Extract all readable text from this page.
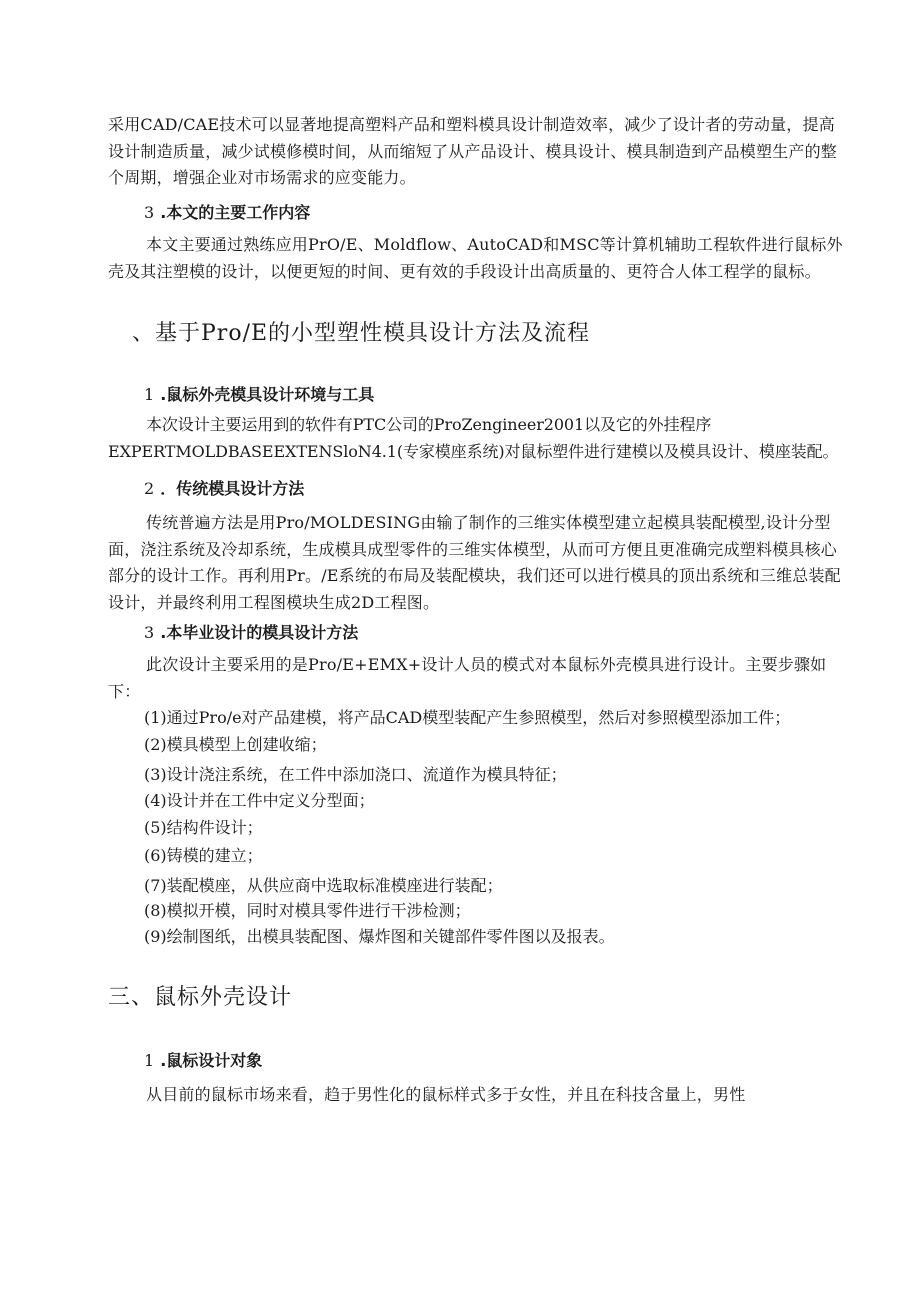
采用CAD/CAE技术可以显著地提高塑料产品和塑料模具设计制造效率，减少了设计者的劳动量，提高设计制造质量，减少试模修模时间，从而缩短了从产品设计、模具设计、模具制造到产品模塑生产的整个周期，增强企业对市场需求的应变能力。

3 .本文的主要工作内容

本文主要通过熟练应用PrO/E、Moldflow、AutoCAD和MSC等计算机辅助工程软件进行鼠标外壳及其注塑模的设计，以便更短的时间、更有效的手段设计出高质量的、更符合人体工程学的鼠标。

、基于Pro/E的小型塑性模具设计方法及流程

1 .鼠标外壳模具设计环境与工具

本次设计主要运用到的软件有PTC公司的ProZengineer2001以及它的外挂程序EXPERTMOLDBASEEXTENSloN4.1(专家模座系统)对鼠标塑件进行建模以及模具设计、模座装配。

2 ．传统模具设计方法

传统普遍方法是用Pro/MOLDESING由输了制作的三维实体模型建立起模具装配模型,设计分型面，浇注系统及冷却系统，生成模具成型零件的三维实体模型，从而可方便且更准确完成塑料模具核心部分的设计工作。再利用Pr。/E系统的布局及装配模块，我们还可以进行模具的顶出系统和三维总装配设计，并最终利用工程图模块生成2D工程图。

3 .本毕业设计的模具设计方法

此次设计主要采用的是Pro/E+EMX+设计人员的模式对本鼠标外壳模具进行设计。主要步骤如下：

(1)通过Pro/e对产品建模，将产品CAD模型装配产生参照模型，然后对参照模型添加工件；

(2)模具模型上创建收缩；

(3)设计浇注系统，在工件中添加浇口、流道作为模具特征；

(4)设计并在工件中定义分型面；

(5)结构件设计；

(6)铸模的建立；

(7)装配模座，从供应商中选取标准模座进行装配；

(8)模拟开模，同时对模具零件进行干涉检测；

(9)绘制图纸，出模具装配图、爆炸图和关键部件零件图以及报表。

三、鼠标外壳设计

1 .鼠标设计对象

从目前的鼠标市场来看，趋于男性化的鼠标样式多于女性，并且在科技含量上，男性
